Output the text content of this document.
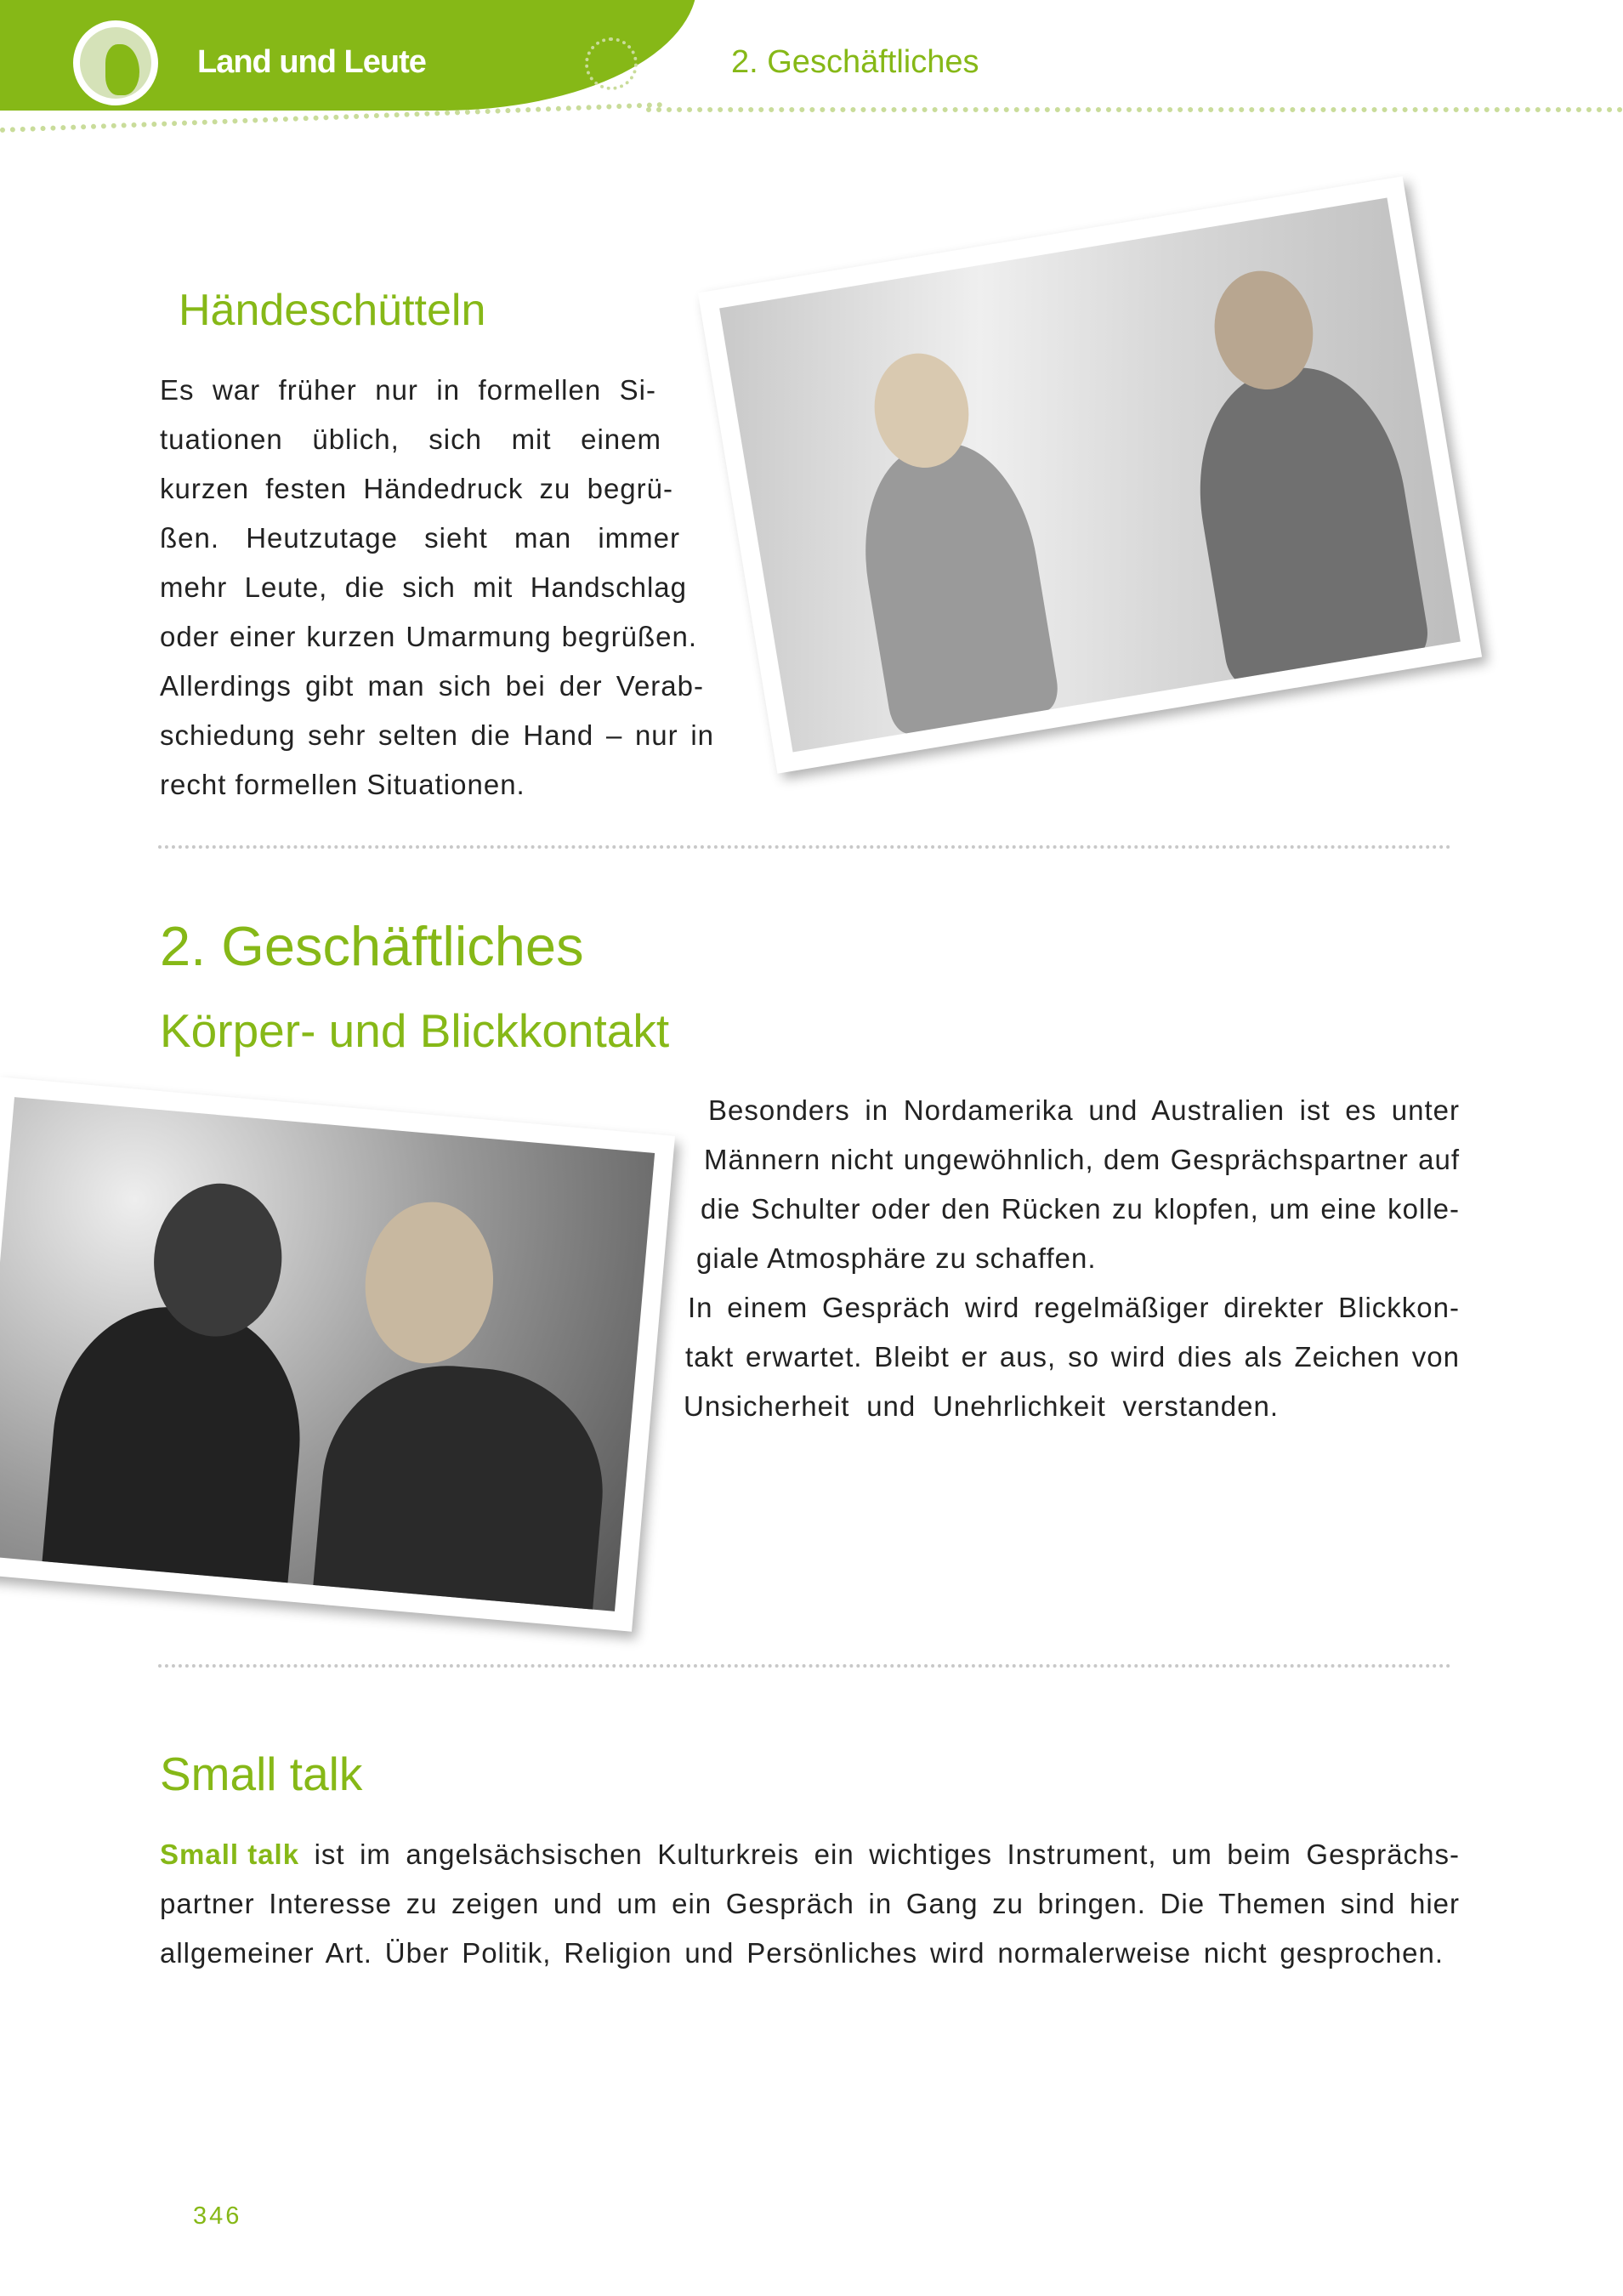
Land und Leute	2. Geschäftliches
Händeschütteln
Es war früher nur in formellen Si-
tuationen üblich, sich mit einem
kurzen festen Händedruck zu begrü-
ßen. Heutzutage sieht man immer
mehr Leute, die sich mit Handschlag
oder einer kurzen Umarmung begrüßen.
Allerdings gibt man sich bei der Verab-
schiedung sehr selten die Hand – nur in
recht formellen Situationen.
2. Geschäftliches
Körper- und Blickkontakt
Besonders in Nordamerika und Australien ist es unter
Männern nicht ungewöhnlich, dem Gesprächspartner auf
die Schulter oder den Rücken zu klopfen, um eine kolle-
giale Atmosphäre zu schaffen.
In einem Gespräch wird regelmäßiger direkter Blickkon-
takt erwartet. Bleibt er aus, so wird dies als Zeichen von
Unsicherheit und Unehrlichkeit verstanden.
Small talk
Small talk ist im angelsächsischen Kulturkreis ein wichtiges Instrument, um beim Gesprächs-
partner Interesse zu zeigen und um ein Gespräch in Gang zu bringen. Die Themen sind hier
allgemeiner Art. Über Politik, Religion und Persönliches wird normalerweise nicht gesprochen.
346
